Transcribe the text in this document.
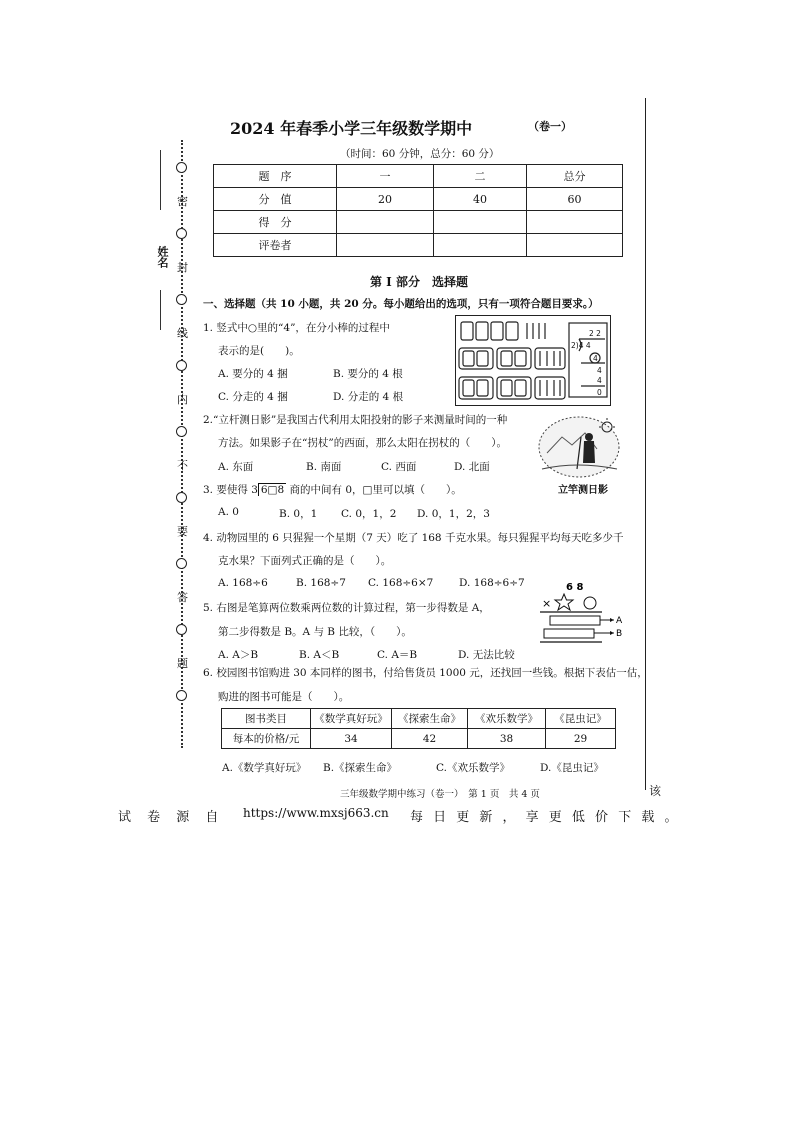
姓名
密
封
线
内
不
要
答
题
2024 年春季小学三年级数学期中	（卷一）
（时间：60 分钟，总分：60 分）
题　序	一	二	总分
分　值	20	40	60
得　分			
评卷者			
第 I 部分　选择题
一、选择题（共 10 小题，共 20 分。每小题给出的选项，只有一项符合题目要求。）
1. 竖式中○里的“4”，在分小棒的过程中
表示的是(　　)。
A. 要分的 4 捆	B. 要分的 4 根
C. 分走的 4 捆	D. 分走的 4 根
2 2
2)4 4
4
4
4
0
2.“立杆测日影”是我国古代利用太阳投射的影子来测量时间的一种
方法。如果影子在“拐杖”的西面，那么太阳在拐杖的（　　）。
A. 东面	B. 南面	C. 西面	D. 北面
立竿测日影
3. 要使得 3 6□8 商的中间有 0，□里可以填（　　）。
A. 0	B. 0，1 C. 0，1，2 D. 0，1，2，3
4. 动物园里的 6 只猩猩一个星期（7 天）吃了 168 千克水果。每只猩猩平均每天吃多少千
克水果？下面列式正确的是（　　）。
A. 168÷6	B. 168÷7 C. 168÷6×7 D. 168÷6÷7
5. 右图是笔算两位数乘两位数的计算过程，第一步得数是 A，
第二步得数是 B。A 与 B 比较，（　　）。
A. A＞B	B. A＜B	C. A＝B	D. 无法比较
6 8
×
A
B
6. 校园图书馆购进 30 本同样的图书，付给售货员 1000 元，还找回一些钱。根据下表估一估，
购进的图书可能是（　　）。
图书类目	《数学真好玩》	《探索生命》	《欢乐数学》	《昆虫记》
每本的价格/元	34	42	38	29
A.《数学真好玩》 B.《探索生命》	C.《欢乐数学》	D.《昆虫记》
三年级数学期中练习（卷一）　第 1 页　共 4 页	该
试 卷 源 自 https://www.mxsj663.cn 每 日 更 新 ， 享 更 低 价 下 载 。
